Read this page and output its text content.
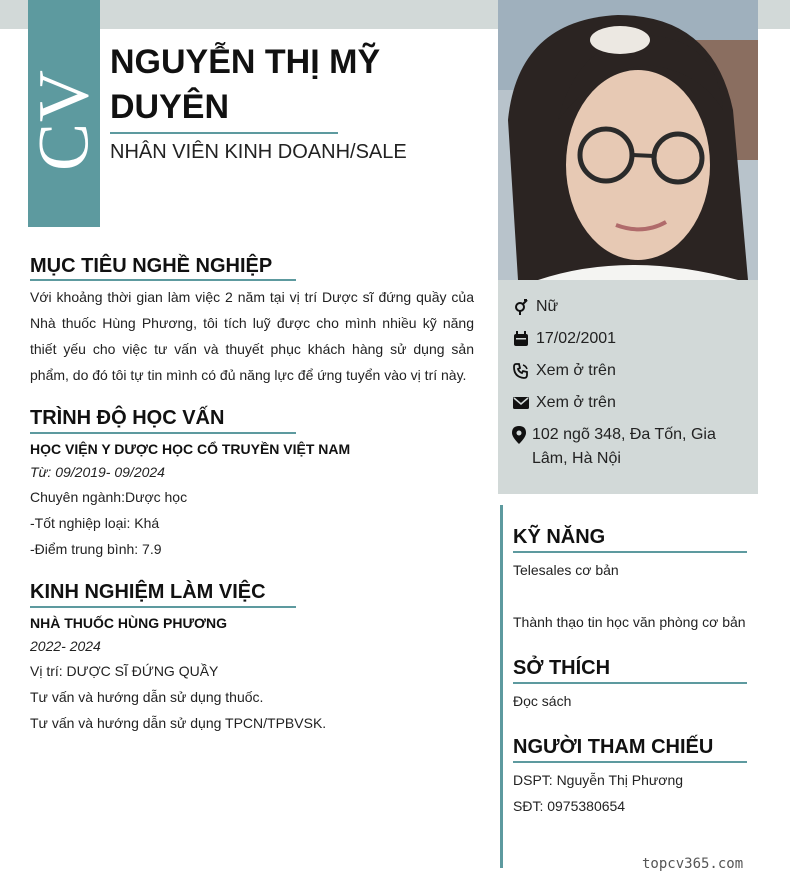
CV
NGUYỄN THỊ MỸ DUYÊN
NHÂN VIÊN KINH DOANH/SALE
Nữ
17/02/2001
Xem ở trên
Xem ở trên
102 ngõ 348, Đa Tốn, Gia Lâm, Hà Nội
MỤC TIÊU NGHỀ NGHIỆP
Với khoảng thời gian làm việc 2 năm tại vị trí Dược sĩ đứng quầy của Nhà thuốc Hùng Phương, tôi tích luỹ được cho mình nhiều kỹ năng thiết yếu cho việc tư vấn và thuyết phục khách hàng sử dụng sản phẩm, do đó tôi tự tin mình có đủ năng lực để ứng tuyển vào vị trí này.
TRÌNH ĐỘ HỌC VẤN
HỌC VIỆN Y DƯỢC HỌC CỔ TRUYỀN VIỆT NAM
Từ: 09/2019- 09/2024
Chuyên ngành:Dược học
-Tốt nghiệp loại: Khá
-Điểm trung bình: 7.9
KINH NGHIỆM LÀM VIỆC
NHÀ THUỐC HÙNG PHƯƠNG
2022- 2024
Vị trí: DƯỢC SĨ ĐỨNG QUẦY
Tư vấn và hướng dẫn sử dụng thuốc.
Tư vấn và hướng dẫn sử dụng TPCN/TPBVSK.
KỸ NĂNG
Telesales cơ bản
Thành thạo tin học văn phòng cơ bản
SỞ THÍCH
Đọc sách
NGƯỜI THAM CHIẾU
DSPT: Nguyễn Thị Phương
SĐT: 0975380654
topcv365.com
